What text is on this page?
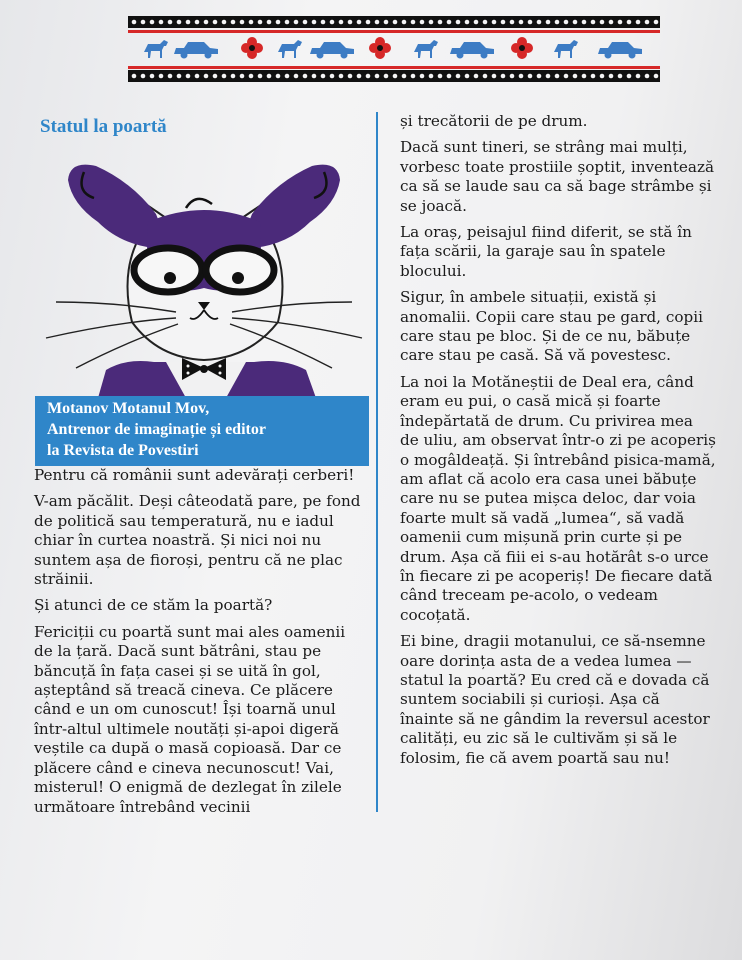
Statul la poartă
Motanov Motanul Mov,
Antrenor de imaginație și editor
la Revista de Povestiri

Pentru că românii sunt adevărați cerberi!

V-am păcălit. Deși câteodată pare, pe fond de politică sau temperatură, nu e iadul chiar în curtea noastră. Și nici noi nu suntem așa de fioroși, pentru că ne plac străinii.

Și atunci de ce stăm la poartă?

Fericiții cu poartă sunt mai ales oamenii de la țară. Dacă sunt bătrâni, stau pe băncuță în fața casei și se uită în gol, așteptând să treacă cineva. Ce plăcere când e un om cunoscut! Își toarnă unul într-altul ultimele noutăți și-apoi digeră veștile ca după o masă copioasă. Dar ce plăcere când e cineva necunoscut! Vai, misterul! O enigmă de dezlegat în zilele următoare întrebând vecinii

și trecătorii de pe drum.

Dacă sunt tineri, se strâng mai mulți, vorbesc toate prostiile șoptit, inventează ca să se laude sau ca să bage strâmbe și se joacă.

La oraș, peisajul fiind diferit, se stă în fața scării, la garaje sau în spatele blocului.

Sigur, în ambele situații, există și anomalii. Copii care stau pe gard, copii care stau pe bloc. Și de ce nu, băbuțe care stau pe casă. Să vă povestesc.

La noi la Motăneștii de Deal era, când eram eu pui, o casă mică și foarte îndepărtată de drum. Cu privirea mea de uliu, am observat într-o zi pe acoperiș o mogâldeață. Și întrebând pisica-mamă, am aflat că acolo era casa unei băbuțe care nu se putea mișca deloc, dar voia foarte mult să vadă „lumea“, să vadă oamenii cum mișună prin curte și pe drum. Așa că fiii ei s-au hotărât s-o urce în fiecare zi pe acoperiș! De fiecare dată când treceam pe-acolo, o vedeam cocoțată.

Ei bine, dragii motanului, ce să-nsemne oare dorința asta de a vedea lumea — statul la poartă? Eu cred că e dovada că suntem sociabili și curioși. Așa că înainte să ne gândim la reversul acestor calități, eu zic să le cultivăm și să le folosim, fie că avem poartă sau nu!
